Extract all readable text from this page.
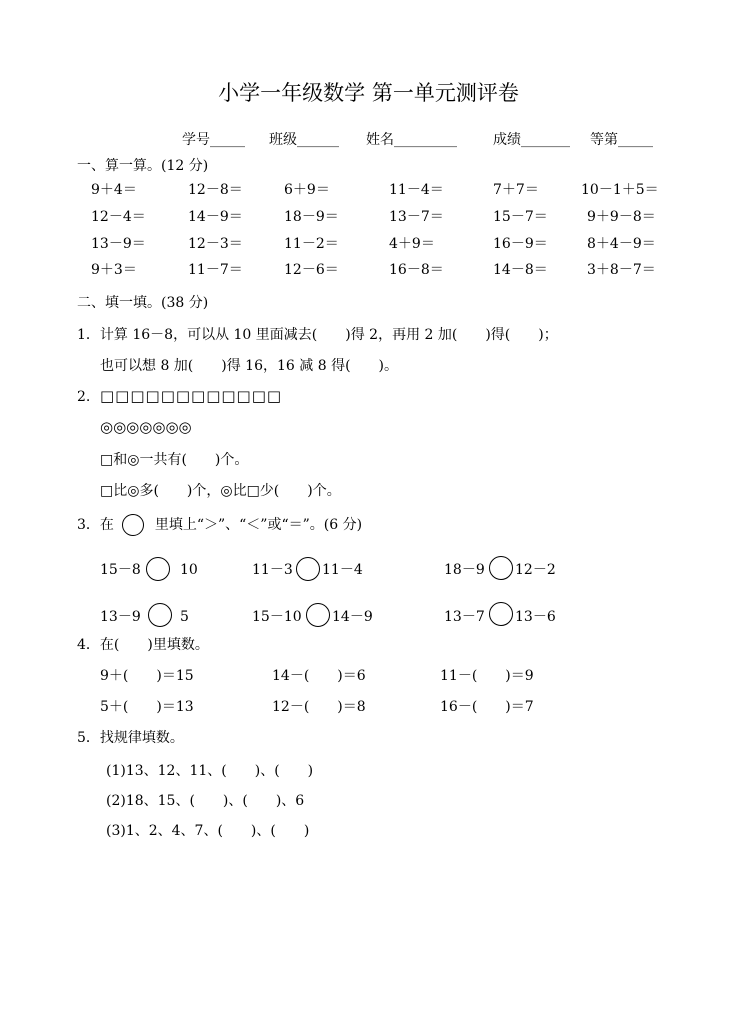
小学一年级数学 第一单元测评卷
学号_____ 班级______ 姓名_________	成绩_______ 等第_____
一、算一算。(12 分)
9＋4＝	12－8＝	6＋9＝	11－4＝	7＋7＝	10－1＋5＝
12－4＝	14－9＝	18－9＝	13－7＝	15－7＝	9＋9－8＝
13－9＝	12－3＝	11－2＝	4＋9＝	16－9＝	8＋4－9＝
9＋3＝	11－7＝	12－6＝	16－8＝	14－8＝	3＋8－7＝
二、填一填。(38 分)
1．计算 16－8，可以从 10 里面减去(　　)得 2，再用 2 加(　　)得(　　)；
也可以想 8 加(　　)得 16，16 减 8 得(　　)。
2. □□□□□□□□□□□□
◎◎◎◎◎◎◎
□和◎一共有(　　)个。
□比◎多(　　)个，◎比□少(　　)个。
3．在	里填上“＞”、“＜”或“＝”。(6 分)
15－8	10	11－3 11－4	18－9 12－2
13－9	5	15－10 14－9	13－7 13－6
4．在(　　)里填数。
9＋(　　)＝15	14－(　　)＝6	11－(　　)＝9
5＋(　　)＝13	12－(　　)＝8	16－(　　)＝7
5．找规律填数。
(1)13、12、11、(　　)、(　　)
(2)18、15、(　　)、(　　)、6
(3)1、2、4、7、(　　)、(　　)
